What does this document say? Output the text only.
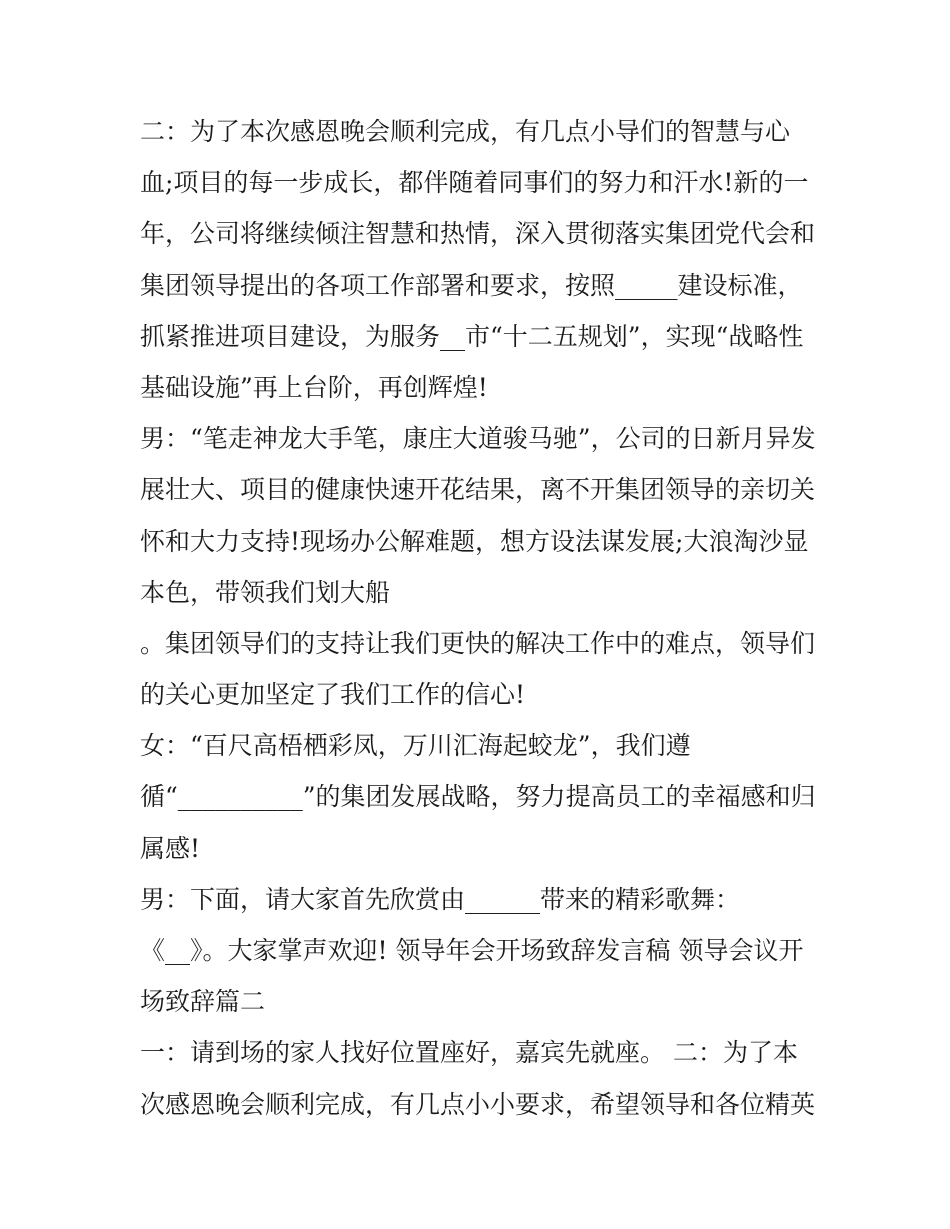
二：为了本次感恩晚会顺利完成，有几点小导们的智慧与心
血;项目的每一步成长，都伴随着同事们的努力和汗水!新的一
年，公司将继续倾注智慧和热情，深入贯彻落实集团党代会和
集团领导提出的各项工作部署和要求，按照_____建设标准，
抓紧推进项目建设，为服务__市“十二五规划”，实现“战略性
基础设施”再上台阶，再创辉煌!
男：“笔走神龙大手笔，康庄大道骏马驰”，公司的日新月异发
展壮大、项目的健康快速开花结果，离不开集团领导的亲切关
怀和大力支持!现场办公解难题，想方设法谋发展;大浪淘沙显
本色，带领我们划大船
。集团领导们的支持让我们更快的解决工作中的难点，领导们
的关心更加坚定了我们工作的信心!
女：“百尺高梧栖彩凤，万川汇海起蛟龙”，我们遵
循“__________”的集团发展战略，努力提高员工的幸福感和归
属感!
男：下面，请大家首先欣赏由______带来的精彩歌舞：
《__》。大家掌声欢迎! 领导年会开场致辞发言稿 领导会议开
场致辞篇二
一：请到场的家人找好位置座好，嘉宾先就座。 二：为了本
次感恩晚会顺利完成，有几点小小要求，希望领导和各位精英
